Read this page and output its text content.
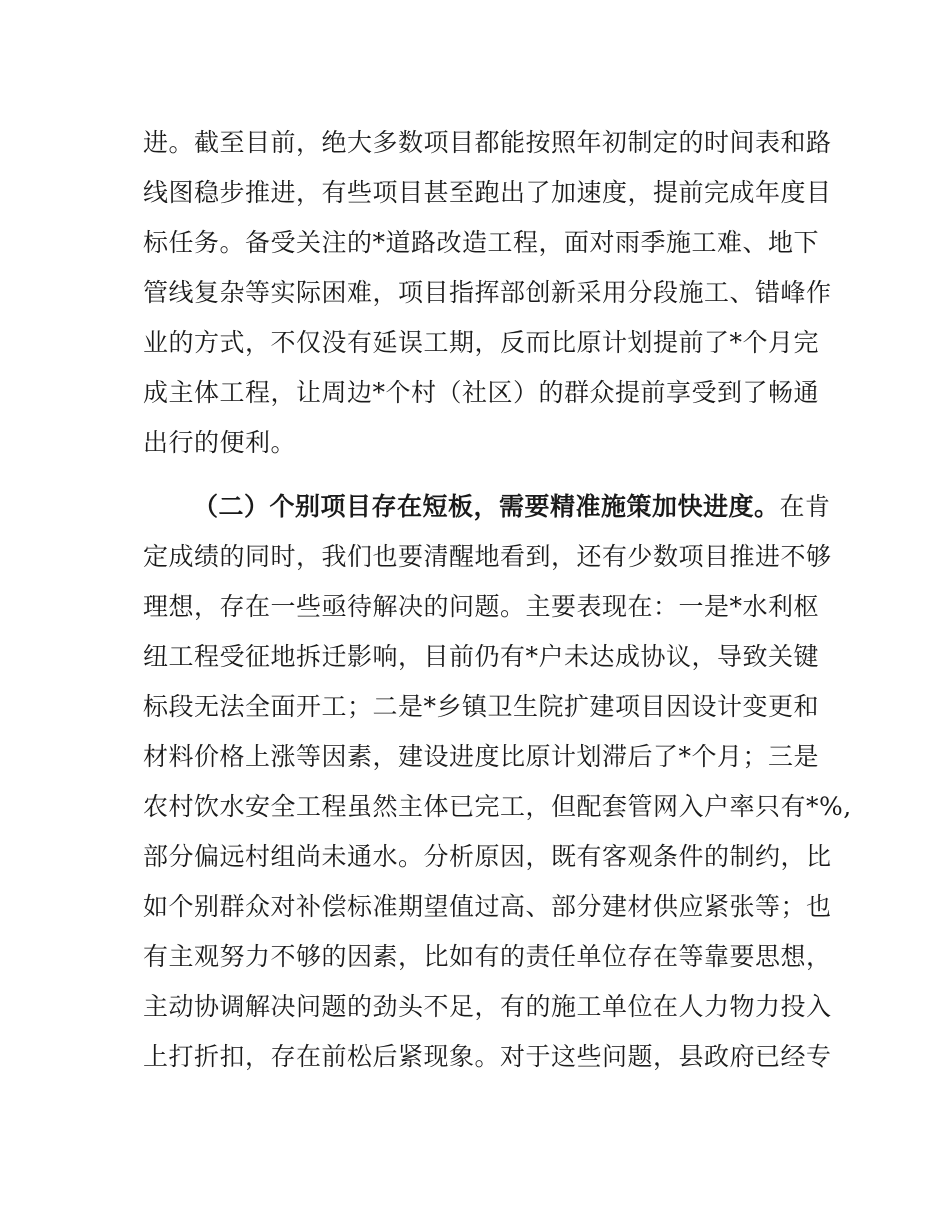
进。截至目前，绝大多数项目都能按照年初制定的时间表和路
线图稳步推进，有些项目甚至跑出了加速度，提前完成年度目
标任务。备受关注的*道路改造工程，面对雨季施工难、地下
管线复杂等实际困难，项目指挥部创新采用分段施工、错峰作
业的方式，不仅没有延误工期，反而比原计划提前了*个月完
成主体工程，让周边*个村（社区）的群众提前享受到了畅通
出行的便利。
（二）个别项目存在短板，需要精准施策加快进度。在肯
定成绩的同时，我们也要清醒地看到，还有少数项目推进不够
理想，存在一些亟待解决的问题。主要表现在：一是*水利枢
纽工程受征地拆迁影响，目前仍有*户未达成协议，导致关键
标段无法全面开工；二是*乡镇卫生院扩建项目因设计变更和
材料价格上涨等因素，建设进度比原计划滞后了*个月；三是
农村饮水安全工程虽然主体已完工，但配套管网入户率只有*%,
部分偏远村组尚未通水。分析原因，既有客观条件的制约，比
如个别群众对补偿标准期望值过高、部分建材供应紧张等；也
有主观努力不够的因素，比如有的责任单位存在等靠要思想，
主动协调解决问题的劲头不足，有的施工单位在人力物力投入
上打折扣，存在前松后紧现象。对于这些问题，县政府已经专
